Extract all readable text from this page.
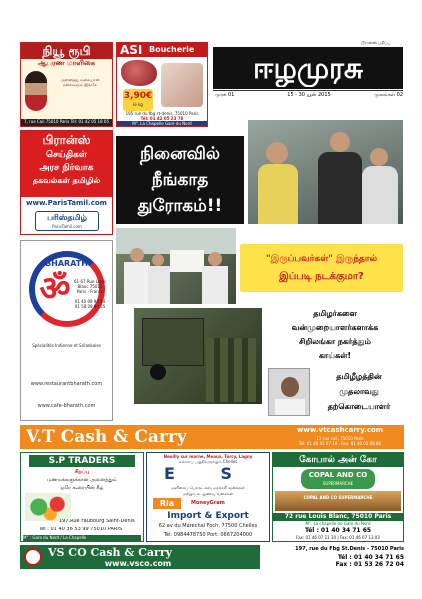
பிரான்ஸ் பதிப்பு
ஈழமுரசு
முரசு 01	15 - 30 யூன் 2015	முகங்கள் 02
நியூ ரூபி
ஆபரண மாளிகை
அனைத்து வகையான நகைகளும் இங்கே
7, rue Cail 75010 Paris Tél: 01 42 05 18 05
ASI Boucherie
3,90€
le kg
195 rue du fbg st-denis, 75010 Paris
Tél: 01 42 05 23 78
M°. La Chapelle Gare du Nord
பிரான்ஸ்
செய்திகள்
அரச நிர்வாக
தகவல்கள் தமிழில்
www.ParisTamil.com
பரிஸ்தமிழ்
ParisTamil.com
BHARATH
ॐ 61-67 Rue Louis Blanc 75010 Paris - France
01 40 09 94 44 01 58 09 94 35
Spécialités Indienne et Srilankaise
www.restaurantbharath.com
www.cafe-bharath.com
நினைவில்
நீங்காத
துரோகம்!!
"இருப்பவர்கள்" இருந்தால்
இப்படி நடக்குமா?
தமிழர்களை
வன்முறையாளர்களாக்க
சிறிலங்கா நகர்த்தும்
காய்கள்!
தமிழீழத்தின்
முதலாவது
தற்கொடையாளர்
V.T Cash & Carry	www.vtcashcarry.com
11 rue cail, 75010 Paris
Tél: 01 40 05 07 18 · Fax: 01 40 05 08 80
S.P TRADERS
சிறப்பு
மணமக்களுக்கான அனைத்தும்
ஒரே கூரையின் கீழ்
197,Rue Faubourg Saint-Denis
Tél : 01 40 36 53 99 75010 PARIS
M° : Gare du Nord / La Chapelle
Neuilly sur marne, Meaux, Torcy, Lagny
எல்லாப் பகுதிகளுக்கும் Chelles
E S
மளிகைப் பொருட்கள், மரக்கறி வகைகள்
மற்றும் கடலுணவு வகைகள்
Ria	MoneyGram
Import & Export
62 av du Maréchal Foch, 77500 Chelles
Tél: 0984478750 Port: 0667204000
கோபால் அன் கோ
COPAL AND CO
SUPERMARCHE
COPAL AND CO SUPERMARCHE
72 rue Louis Blanc, 75010 Paris
M°. La chapelle ou Gare du Nord
Tél : 01 40 34 71 65
Fax: 01 46 07 11 10 | Fax: 01 46 07 13 03
VS CO Cash & Carry
www.vsco.com
197, rue du Fbg St.Denis - 75010 Paris
Tél : 01 40 34 71 65
Fax : 01 53 26 72 04
